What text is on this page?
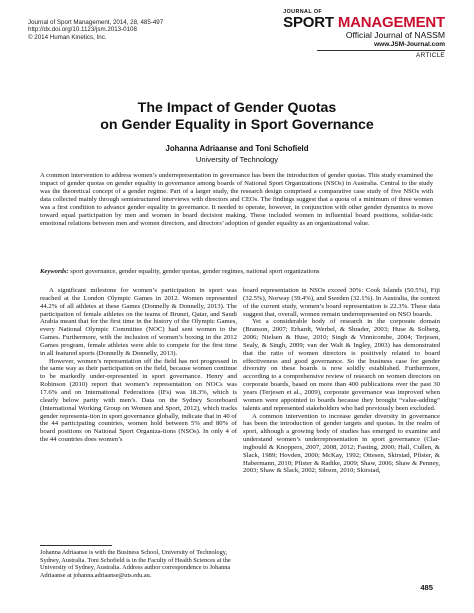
Journal of Sport Management, 2014, 28, 485-497
http://dx.doi.org/10.1123/jsm.2013-0108
© 2014 Human Kinetics, Inc.
JOURNAL OF
SPORT MANAGEMENT
Official Journal of NASSM
www.JSM-Journal.com
ARTICLE
The Impact of Gender Quotas
on Gender Equality in Sport Governance
Johanna Adriaanse and Toni Schofield
University of Technology
A common intervention to address women’s underrepresentation in governance has been the introduction of gender quotas. This study examined the impact of gender quotas on gender equality in governance among boards of National Sport Organizations (NSOs) in Australia. Central to the study was the theoretical concept of a gender regime. Part of a larger study, the research design comprised a comparative case study of five NSOs with data collected mainly through semistructured interviews with directors and CEOs. The findings suggest that a quota of a minimum of three women was a first condition to advance gender equality in governance. It needed to operate, however, in conjunction with other gender dynamics to move toward equal participation by men and women in board decision making. These included women in influential board positions, solidar-istic emotional relations between men and women directors, and directors’ adoption of gender equality as an organizational value.
Keywords: sport governance, gender equality, gender quotas, gender regimes, national sport organizations

A significant milestone for women’s participation in sport was reached at the London Olympic Games in 2012. Women represented 44.2% of all athletes at these Games (Donnelly & Donnelly, 2013). The participation of female athletes on the teams of Brunei, Qatar, and Saudi Arabia meant that for the first time in the history of the Olympic Games, every National Olympic Committee (NOC) had sent women to the Games. Furthermore, with the inclusion of women’s boxing in the 2012 Games program, female athletes were able to compete for the first time in all featured sports (Donnelly & Donnelly, 2013).

However, women’s representation off the field has not progressed in the same way as their participation on the field, because women continue to be markedly under-represented in sport governance. Henry and Robinson (2010) report that women’s representation on NOCs was 17.6% and on International Federations (IFs) was 18.3%, which is clearly below parity with men’s. Data on the Sydney Scoreboard (International Working Group on Women and Sport, 2012), which tracks gender representa-tion in sport governance globally, indicate that in 40 of the 44 participating countries, women hold between 5% and 80% of board positions on National Sport Organiza-tions (NSOs). In only 4 of the 44 countries does women’s

board representation in NSOs exceed 30%: Cook Islands (50.5%), Fiji (32.5%), Norway (39.4%), and Sweden (32.1%). In Australia, the context of the current study, women’s board representation is 22.3%. These data suggest that, overall, women remain underrepresented on NSO boards.

Yet a considerable body of research in the corporate domain (Branson, 2007; Erhardt, Werbel, & Shrader, 2003; Huse & Solberg, 2006; Nielsen & Huse, 2010; Singh & Vinnicombe, 2004; Terjesen, Sealy, & Singh, 2009; van der Walt & Ingley, 2003) has demonstrated that the ratio of women directors is positively related to board effectiveness and good governance. So the business case for gender diversity on these boards is now solidly established. Furthermore, according to a comprehensive review of research on women directors on corporate boards, based on more than 400 publications over the past 30 years (Terjesen et al., 2009), corporate governance was improved when women were appointed to boards because they brought “value-adding” talents and represented stakeholders who had previously been excluded.

A common intervention to increase gender diversity in governance has been the introduction of gender targets and quotas. In the realm of sport, although a growing body of studies has emerged to examine and understand women’s underrepresentation in sport governance (Clar-ingbould & Knoppers, 2007, 2008, 2012; Fasting, 2000; Hall, Cullen, & Slack, 1989; Hovden, 2000; McKay, 1992; Ottesen, Skirstad, Pfister, & Habermann, 2010; Pfister & Radtke, 2009; Shaw, 2006; Shaw & Penney, 2003; Shaw & Slack, 2002; Sibson, 2010; Skirstad,

Johanna Adriaanse is with the Business School, University of Technology, Sydney, Australia. Toni Schofield is in the Faculty of Health Sciences at the University of Sydney, Australia. Address author correspondence to Johanna Adriaanse at johanna.adriaanse@uts.edu.au.
485
